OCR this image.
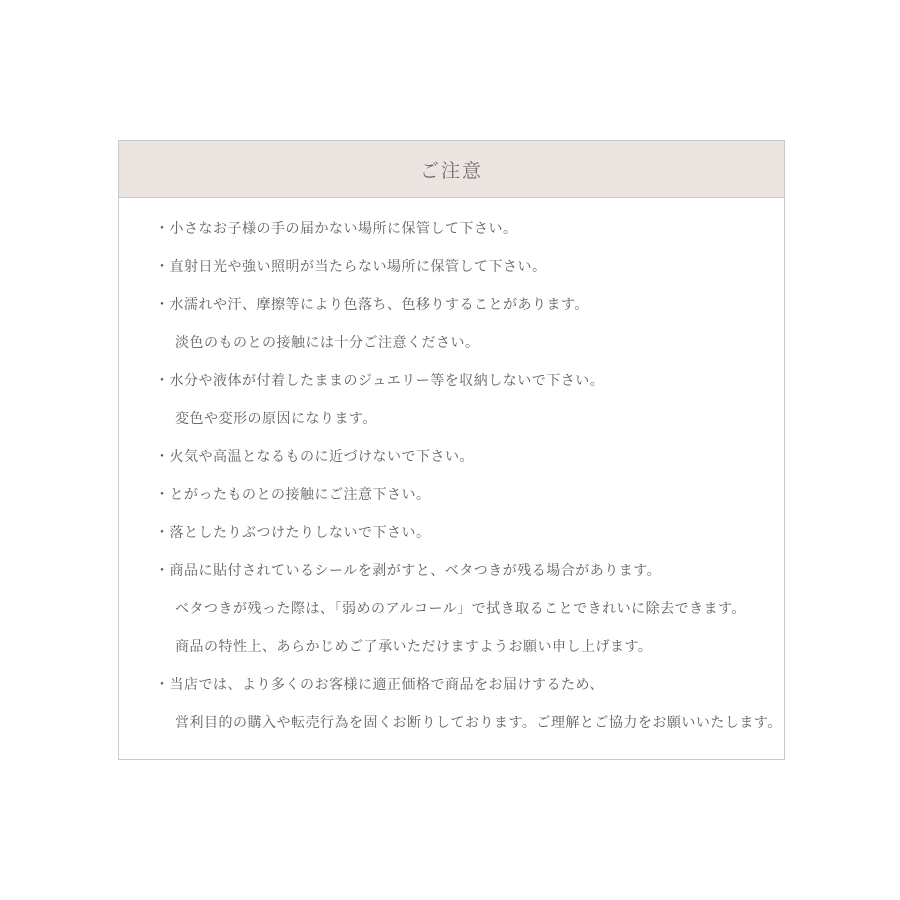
ご注意
・小さなお子様の手の届かない場所に保管して下さい。
・直射日光や強い照明が当たらない場所に保管して下さい。
・水濡れや汗、摩擦等により色落ち、色移りすることがあります。
淡色のものとの接触には十分ご注意ください。
・水分や液体が付着したままのジュエリー等を収納しないで下さい。
変色や変形の原因になります。
・火気や高温となるものに近づけないで下さい。
・とがったものとの接触にご注意下さい。
・落としたりぶつけたりしないで下さい。
・商品に貼付されているシールを剥がすと、ベタつきが残る場合があります。
ベタつきが残った際は、「弱めのアルコール」で拭き取ることできれいに除去できます。
商品の特性上、あらかじめご了承いただけますようお願い申し上げます。
・当店では、より多くのお客様に適正価格で商品をお届けするため、
営利目的の購入や転売行為を固くお断りしております。ご理解とご協力をお願いいたします。
